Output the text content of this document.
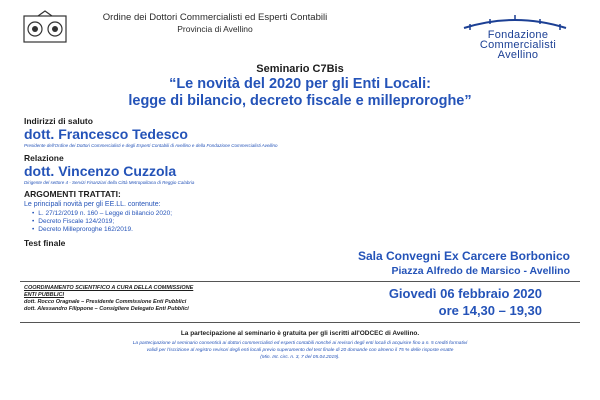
Ordine dei Dottori Commercialisti ed Esperti Contabili
Provincia di Avellino	Fondazione
Commercialisti
Avellino
Seminario C7Bis
“Le novità del 2020 per gli Enti Locali:
legge di bilancio, decreto fiscale e milleproroghe”
Indirizzi di saluto
dott. Francesco Tedesco
Presidente dell'Ordine dei Dottori Commercialisti e degli Esperti Contabili di Avellino e della Fondazione Commercialisti Avellino
Relazione
dott. Vincenzo Cuzzola
Dirigente del settore 4 - Servizi Finanziari della Città Metropolitana di Reggio Calabria
ARGOMENTI TRATTATI:
Le principali novità per gli EE.LL. contenute:
• L. 27/12/2019 n. 160 – Legge di bilancio 2020;
• Decreto Fiscale 124/2019;
• Decreto Milleproroghe 162/2019.
Test finale
Sala Convegni Ex Carcere Borbonico
Piazza Alfredo de Marsico - Avellino
COORDINAMENTO SCIENTIFICO A CURA DELLA COMMISSIONE
ENTI PUBBLICI
dott. Rocco Oragnale – Presidente Commissione Enti Pubblici
dott. Alessandro Filippone – Consigliere Delegato Enti Pubblici
Giovedì 06 febbraio 2020
ore 14,30 – 19,30
La partecipazione al seminario è gratuita per gli iscritti all'ODCEC di Avellino.
La partecipazione al seminario consentirà ai dottori commercialisti ed esperti contabili nonché ai revisori degli enti locali di acquisire fino a n. 5 crediti formativi
validi per l'iscrizione al registro revisori degli enti locali previo superamento del test finale di 20 domande con almeno il 75 % delle risposte esatte
(Min. Int. circ. n. 3, 7 del 05.04.2019).
